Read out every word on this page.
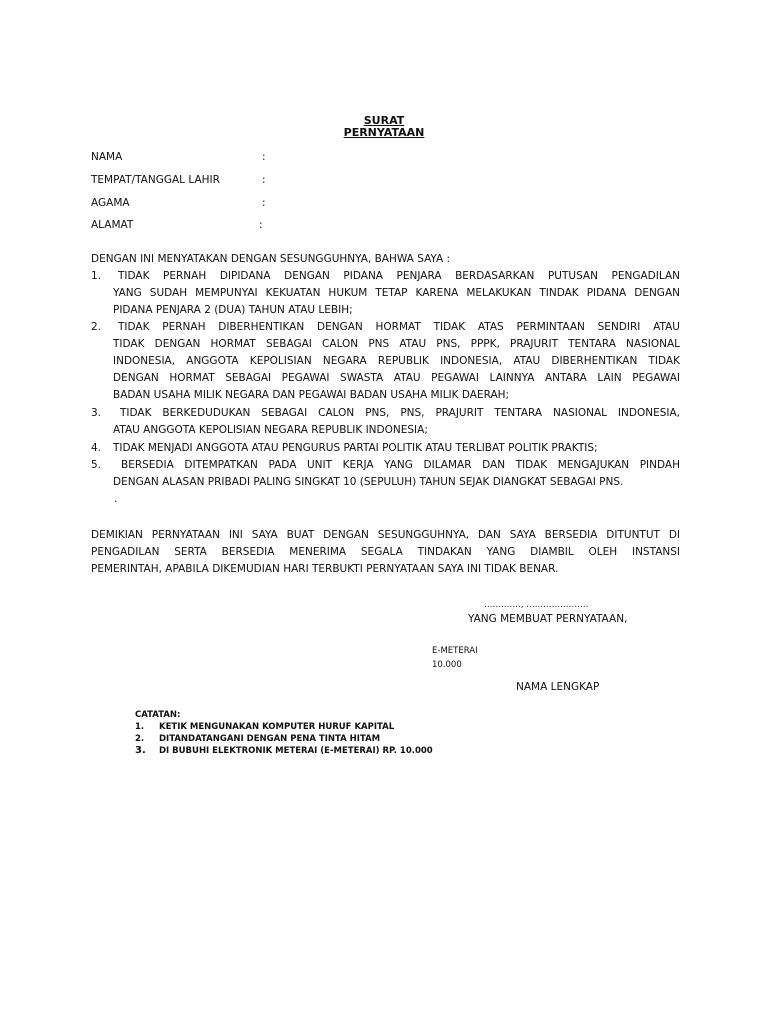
SURAT
PERNYATAAN
NAMA	:
TEMPAT/TANGGAL LAHIR	:
AGAMA	:
ALAMAT	:
DENGAN INI MENYATAKAN DENGAN SESUNGGUHNYA, BAHWA SAYA :
1. TIDAK PERNAH DIPIDANA DENGAN PIDANA PENJARA BERDASARKAN PUTUSAN PENGADILAN
YANG SUDAH MEMPUNYAI KEKUATAN HUKUM TETAP KARENA MELAKUKAN TINDAK PIDANA DENGAN
PIDANA PENJARA 2 (DUA) TAHUN ATAU LEBIH;
2. TIDAK PERNAH DIBERHENTIKAN DENGAN HORMAT TIDAK ATAS PERMINTAAN SENDIRI ATAU
TIDAK DENGAN HORMAT SEBAGAI CALON PNS ATAU PNS, PPPK, PRAJURIT TENTARA NASIONAL
INDONESIA, ANGGOTA KEPOLISIAN NEGARA REPUBLIK INDONESIA, ATAU DIBERHENTIKAN TIDAK
DENGAN HORMAT SEBAGAI PEGAWAI SWASTA ATAU PEGAWAI LAINNYA ANTARA LAIN PEGAWAI
BADAN USAHA MILIK NEGARA DAN PEGAWAI BADAN USAHA MILIK DAERAH;
3. TIDAK BERKEDUDUKAN SEBAGAI CALON PNS, PNS, PRAJURIT TENTARA NASIONAL INDONESIA,
ATAU ANGGOTA KEPOLISIAN NEGARA REPUBLIK INDONESIA;
4. TIDAK MENJADI ANGGOTA ATAU PENGURUS PARTAI POLITIK ATAU TERLIBAT POLITIK PRAKTIS;
5. BERSEDIA DITEMPATKAN PADA UNIT KERJA YANG DILAMAR DAN TIDAK MENGAJUKAN PINDAH
DENGAN ALASAN PRIBADI PALING SINGKAT 10 (SEPULUH) TAHUN SEJAK DIANGKAT SEBAGAI PNS.
.
DEMIKIAN PERNYATAAN INI SAYA BUAT DENGAN SESUNGGUHNYA, DAN SAYA BERSEDIA DITUNTUT DI
PENGADILAN SERTA BERSEDIA MENERIMA SEGALA TINDAKAN YANG DIAMBIL OLEH INSTANSI
PEMERINTAH, APABILA DIKEMUDIAN HARI TERBUKTI PERNYATAAN SAYA INI TIDAK BENAR.
…………., ………………….
YANG MEMBUAT PERNYATAAN,
E-METERAI
10.000
NAMA LENGKAP
CATATAN:
1. KETIK MENGUNAKAN KOMPUTER HURUF KAPITAL
2. DITANDATANGANI DENGAN PENA TINTA HITAM
3. DI BUBUHI ELEKTRONIK METERAI (E-METERAI) RP. 10.000
